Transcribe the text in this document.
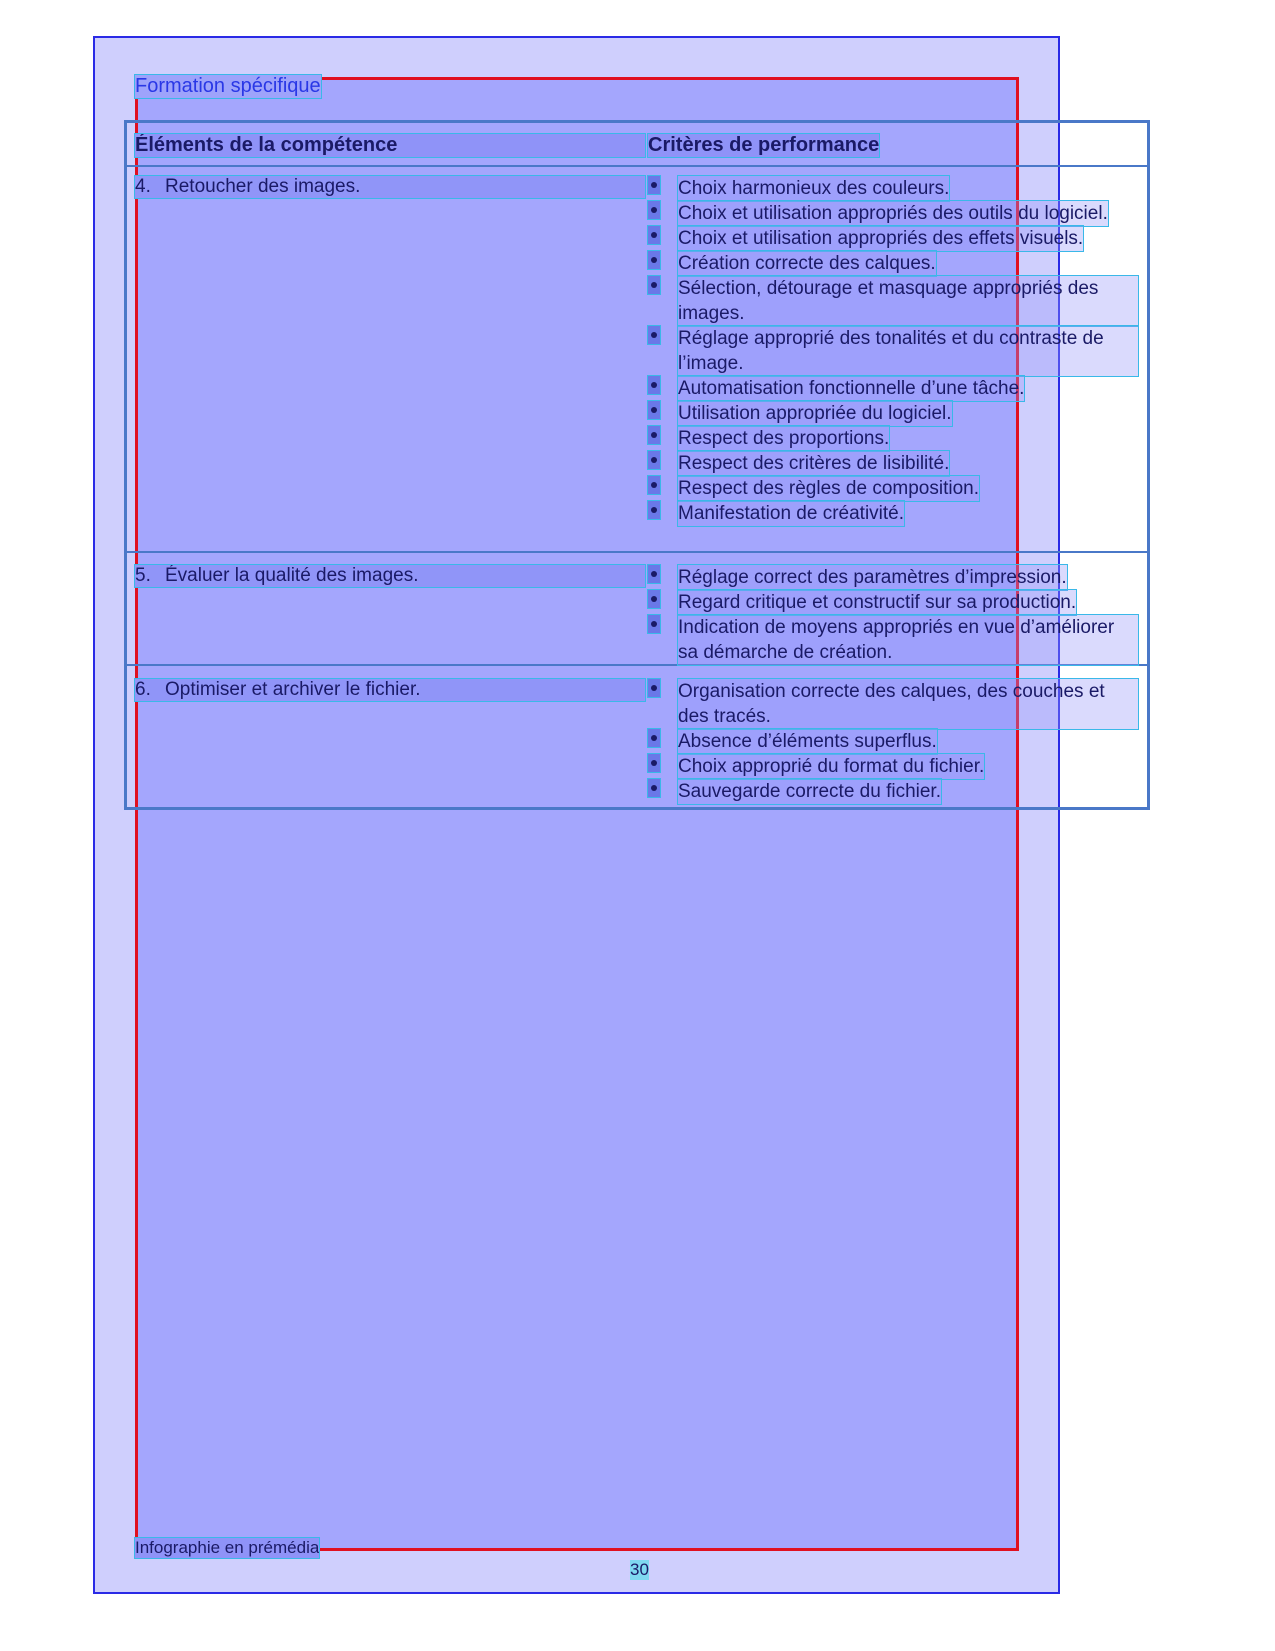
Formation spécifique
Éléments de la compétence	Critères de performance
4. Retoucher des images.	Choix harmonieux des couleurs.
Choix et utilisation appropriés des outils du logiciel.
Choix et utilisation appropriés des effets visuels.
Création correcte des calques.
Sélection, détourage et masquage appropriés des images.
Réglage approprié des tonalités et du contraste de l’image.
Automatisation fonctionnelle d’une tâche.
Utilisation appropriée du logiciel.
Respect des proportions.
Respect des critères de lisibilité.
Respect des règles de composition.
Manifestation de créativité.
5. Évaluer la qualité des images.	Réglage correct des paramètres d’impression.
Regard critique et constructif sur sa production.
Indication de moyens appropriés en vue d’améliorer sa démarche de création.
6. Optimiser et archiver le fichier.	Organisation correcte des calques, des couches et des tracés.
Absence d’éléments superflus.
Choix approprié du format du fichier.
Sauvegarde correcte du fichier.
Infographie en prémédia
30
